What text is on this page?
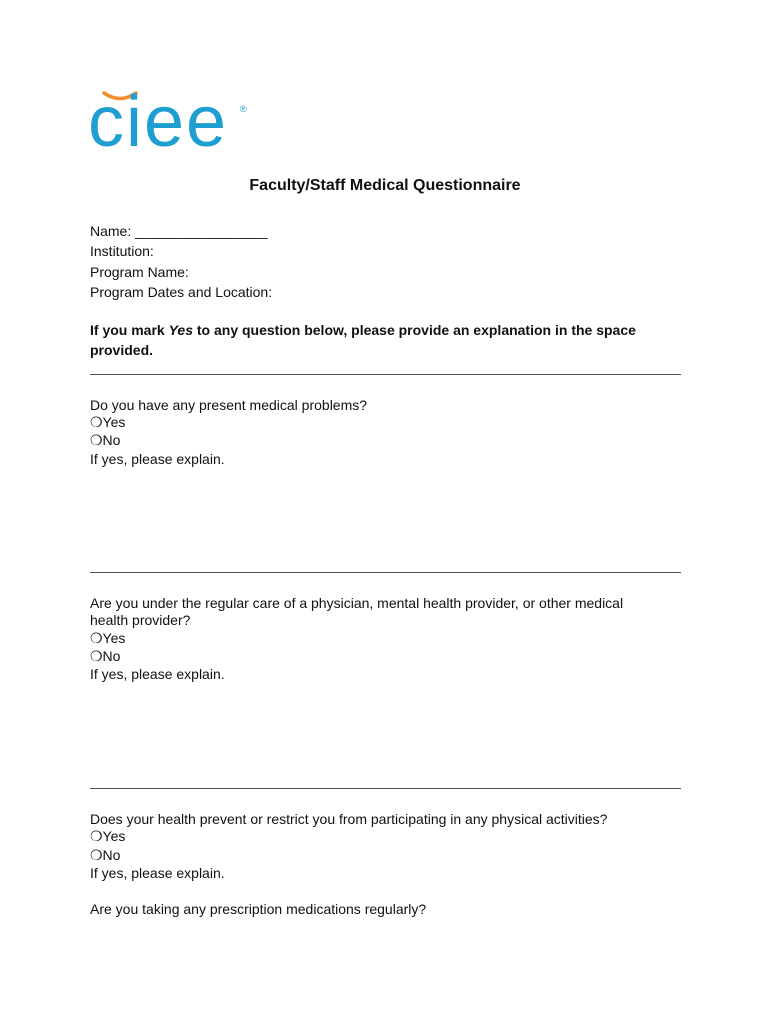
ciee ®
Faculty/Staff Medical Questionnaire
Name: _________________
Institution:
Program Name:
Program Dates and Location:
If you mark Yes to any question below, please provide an explanation in the space provided.
Do you have any present medical problems?
❍Yes
❍No
If yes, please explain.
Are you under the regular care of a physician, mental health provider, or other medical
health provider?
❍Yes
❍No
If yes, please explain.
Does your health prevent or restrict you from participating in any physical activities?
❍Yes
❍No
If yes, please explain.
Are you taking any prescription medications regularly?
